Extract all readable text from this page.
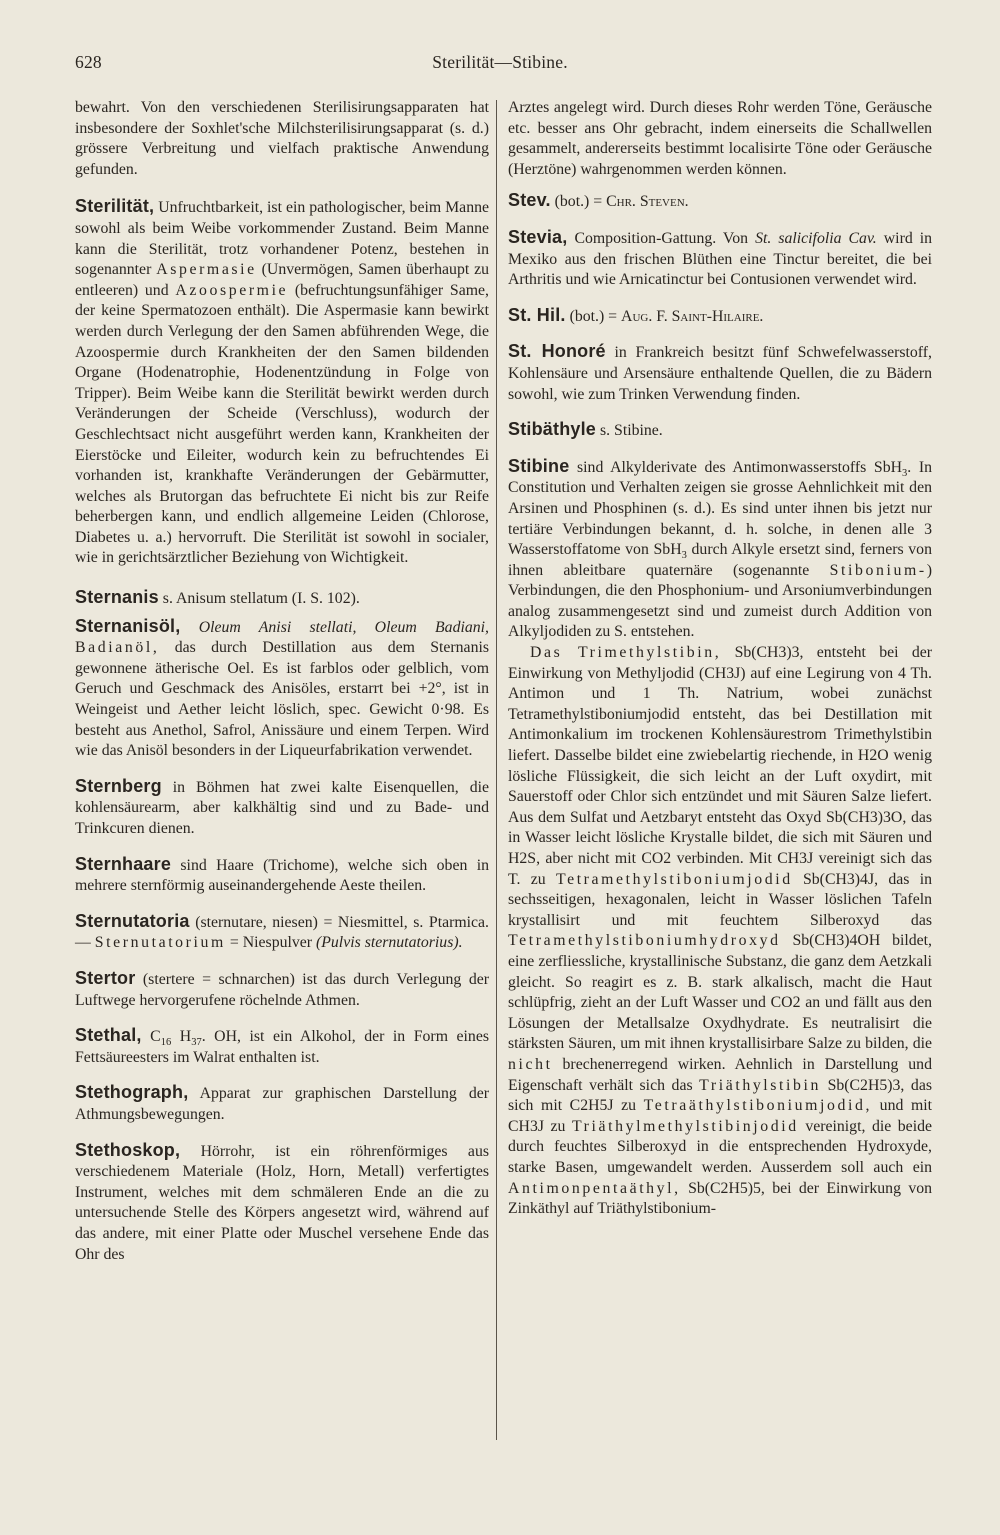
628	Sterilität—Stibine.

bewahrt. Von den verschiedenen Sterilisirungsapparaten hat insbesondere der Soxhlet'sche Milchsterilisirungsapparat (s. d.) grössere Verbreitung und vielfach praktische Anwendung gefunden.

Sterilität, Unfruchtbarkeit, ist ein pathologischer, beim Manne sowohl als beim Weibe vorkommender Zustand. Beim Manne kann die Sterilität, trotz vorhandener Potenz, bestehen in sogenannter Aspermasie (Unvermögen, Samen überhaupt zu entleeren) und Azoospermie (befruchtungsunfähiger Same, der keine Spermatozoen enthält). Die Aspermasie kann bewirkt werden durch Verlegung der den Samen abführenden Wege, die Azoospermie durch Krankheiten der den Samen bildenden Organe (Hodenatrophie, Hodenentzündung in Folge von Tripper). Beim Weibe kann die Sterilität bewirkt werden durch Veränderungen der Scheide (Verschluss), wodurch der Geschlechtsact nicht ausgeführt werden kann, Krankheiten der Eierstöcke und Eileiter, wodurch kein zu befruchtendes Ei vorhanden ist, krankhafte Veränderungen der Gebärmutter, welches als Brutorgan das befruchtete Ei nicht bis zur Reife beherbergen kann, und endlich allgemeine Leiden (Chlorose, Diabetes u. a.) hervorruft. Die Sterilität ist sowohl in socialer, wie in gerichtsärztlicher Beziehung von Wichtigkeit.

Sternanis s. Anisum stellatum (I. S. 102).

Sternanisöl, Oleum Anisi stellati, Oleum Badiani, Badianöl, das durch Destillation aus dem Sternanis gewonnene ätherische Oel. Es ist farblos oder gelblich, vom Geruch und Geschmack des Anisöles, erstarrt bei +2°, ist in Weingeist und Aether leicht löslich, spec. Gewicht 0·98. Es besteht aus Anethol, Safrol, Anissäure und einem Terpen. Wird wie das Anisöl besonders in der Liqueurfabrikation verwendet.

Sternberg in Böhmen hat zwei kalte Eisenquellen, die kohlensäurearm, aber kalkhältig sind und zu Bade- und Trinkcuren dienen.

Sternhaare sind Haare (Trichome), welche sich oben in mehrere sternförmig auseinandergehende Aeste theilen.

Sternutatoria (sternutare, niesen) = Niesmittel, s. Ptarmica. — Sternutatorium = Niespulver (Pulvis sternutatorius).

Stertor (stertere = schnarchen) ist das durch Verlegung der Luftwege hervorgerufene röchelnde Athmen.

Stethal, $C_{16}$ $H_{37}$. OH, ist ein Alkohol, der in Form eines Fettsäureesters im Walrat enthalten ist.

Stethograph, Apparat zur graphischen Darstellung der Athmungsbewegungen.

Stethoskop, Hörrohr, ist ein röhrenförmiges aus verschiedenem Materiale (Holz, Horn, Metall) verfertigtes Instrument, welches mit dem schmäleren Ende an die zu untersuchende Stelle des Körpers angesetzt wird, während auf das andere, mit einer Platte oder Muschel versehene Ende das Ohr des

Arztes angelegt wird. Durch dieses Rohr werden Töne, Geräusche etc. besser ans Ohr gebracht, indem einerseits die Schallwellen gesammelt, andererseits bestimmt localisirte Töne oder Geräusche (Herztöne) wahrgenommen werden können.

Stev. (bot.) = Chr. Steven.

Stevia, Composition-Gattung. Von St. salicifolia Cav. wird in Mexiko aus den frischen Blüthen eine Tinctur bereitet, die bei Arthritis und wie Arnicatinctur bei Contusionen verwendet wird.

St. Hil. (bot.) = Aug. F. Saint-Hilaire.

St. Honoré in Frankreich besitzt fünf Schwefelwasserstoff, Kohlensäure und Arsensäure enthaltende Quellen, die zu Bädern sowohl, wie zum Trinken Verwendung finden.

Stibäthyle s. Stibine.

Stibine sind Alkylderivate des Antimonwasserstoffs SbH$_3$. In Constitution und Verhalten zeigen sie grosse Aehnlichkeit mit den Arsinen und Phosphinen (s. d.). Es sind unter ihnen bis jetzt nur tertiäre Verbindungen bekannt, d. h. solche, in denen alle 3 Wasserstoffatome von SbH$_3$ durch Alkyle ersetzt sind, ferners von ihnen ableitbare quaternäre (sogenannte Stibonium-) Verbindungen, die den Phosphonium- und Arsoniumverbindungen analog zusammengesetzt sind und zumeist durch Addition von Alkyljodiden zu S. entstehen.

Das Trimethylstibin, Sb(CH3)3, entsteht bei der Einwirkung von Methyljodid (CH3J) auf eine Legirung von 4 Th. Antimon und 1 Th. Natrium, wobei zunächst Tetramethylstiboniumjodid entsteht, das bei Destillation mit Antimonkalium im trockenen Kohlensäurestrom Trimethylstibin liefert. Dasselbe bildet eine zwiebelartig riechende, in H2O wenig lösliche Flüssigkeit, die sich leicht an der Luft oxydirt, mit Sauerstoff oder Chlor sich entzündet und mit Säuren Salze liefert. Aus dem Sulfat und Aetzbaryt entsteht das Oxyd Sb(CH3)3O, das in Wasser leicht lösliche Krystalle bildet, die sich mit Säuren und H2S, aber nicht mit CO2 verbinden. Mit CH3J vereinigt sich das T. zu Tetramethylstiboniumjodid Sb(CH3)4J, das in sechsseitigen, hexagonalen, leicht in Wasser löslichen Tafeln krystallisirt und mit feuchtem Silberoxyd das Tetramethylstiboniumhydroxyd Sb(CH3)4OH bildet, eine zerfliessliche, krystallinische Substanz, die ganz dem Aetzkali gleicht. So reagirt es z. B. stark alkalisch, macht die Haut schlüpfrig, zieht an der Luft Wasser und CO2 an und fällt aus den Lösungen der Metallsalze Oxydhydrate. Es neutralisirt die stärksten Säuren, um mit ihnen krystallisirbare Salze zu bilden, die nicht brechenerregend wirken. Aehnlich in Darstellung und Eigenschaft verhält sich das Triäthylstibin Sb(C2H5)3, das sich mit C2H5J zu Tetraäthylstiboniumjodid, und mit CH3J zu Triäthylmethylstibinjodid vereinigt, die beide durch feuchtes Silberoxyd in die entsprechenden Hydroxyde, starke Basen, umgewandelt werden. Ausserdem soll auch ein Antimonpentaäthyl, Sb(C2H5)5, bei der Einwirkung von Zinkäthyl auf Triäthylstibonium-
